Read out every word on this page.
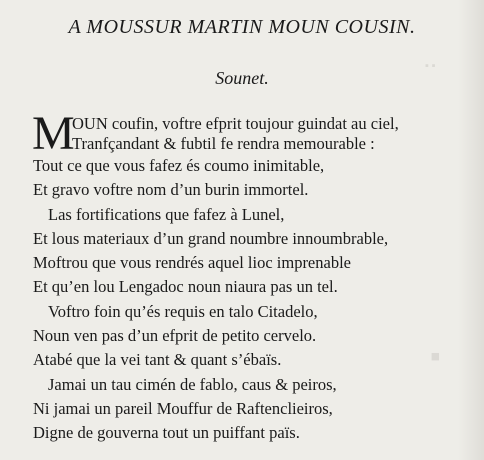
▪ ▪
▪
A MOUSSUR MARTIN MOUN COUSIN.
Sounet.
M
OUN coufin, voftre efprit toujour guindat au ciel,
Tranfçandant & fubtil fe rendra memourable :
Tout ce que vous fafez és coumo inimitable,
Et gravo voftre nom d’un burin immortel.
Las fortifications que fafez à Lunel,
Et lous materiaux d’un grand noumbre innoumbrable,
Moftrou que vous rendrés aquel lioc imprenable
Et qu’en lou Lengadoc noun niaura pas un tel.
Voftro foin qu’és requis en talo Citadelo,
Noun ven pas d’un efprit de petito cervelo.
Atabé que la vei tant & quant s’ébaïs.
Jamai un tau cimén de fablo, caus & peiros,
Ni jamai un pareil Mouffur de Raftenclieiros,
Digne de gouverna tout un puiffant païs.
